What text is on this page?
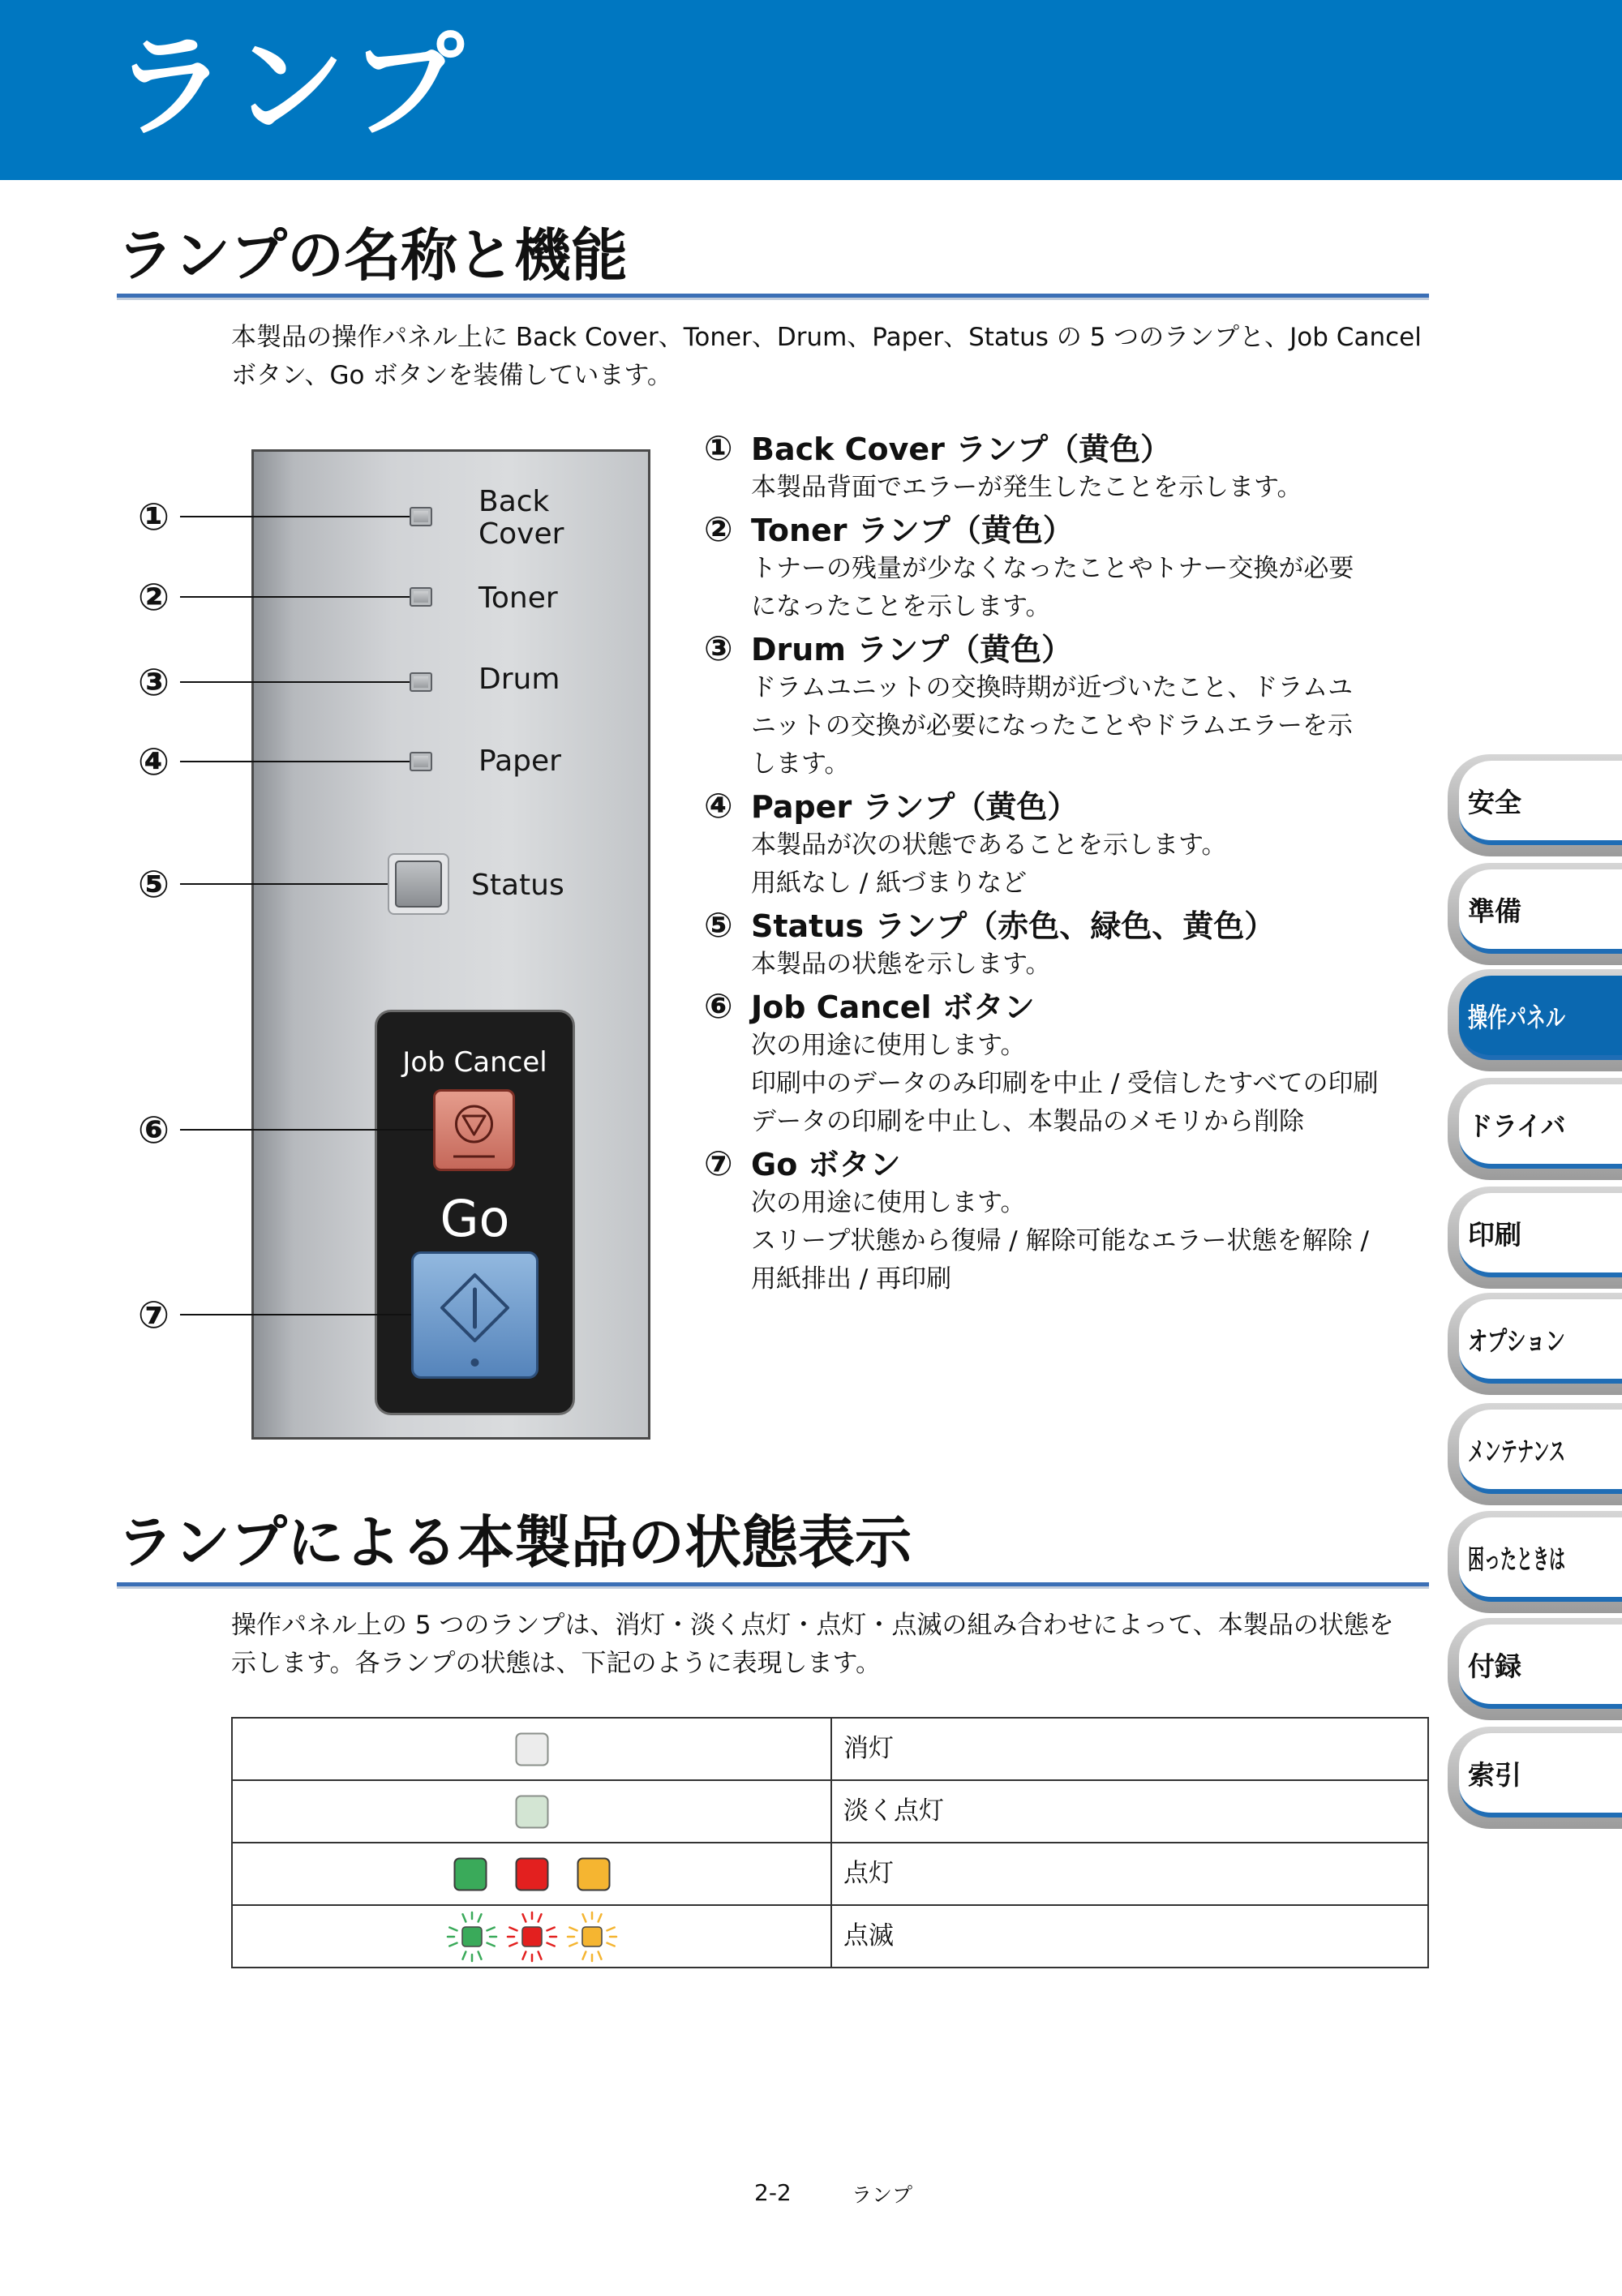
ランプ
ランプの名称と機能
本製品の操作パネル上に Back Cover、Toner、Drum、Paper、Status の 5 つのランプと、Job Cancel
ボタン、Go ボタンを装備しています。
Back Cover
Toner
Drum
Paper
Status
Job Cancel
Go
①
②
③
④
⑤
⑥
⑦
① Back Cover ランプ（黄色）
本製品背面でエラーが発生したことを示します。
② Toner ランプ（黄色）
トナーの残量が少なくなったことやトナー交換が必要
になったことを示します。
③ Drum ランプ（黄色）
ドラムユニットの交換時期が近づいたこと、ドラムユ
ニットの交換が必要になったことやドラムエラーを示
します。
④ Paper ランプ（黄色）
本製品が次の状態であることを示します。
用紙なし / 紙づまりなど
⑤ Status ランプ（赤色、緑色、黄色）
本製品の状態を示します。
⑥ Job Cancel ボタン
次の用途に使用します。
印刷中のデータのみ印刷を中止 / 受信したすべての印刷
データの印刷を中止し、本製品のメモリから削除
⑦ Go ボタン
次の用途に使用します。
スリープ状態から復帰 / 解除可能なエラー状態を解除 /
用紙排出 / 再印刷
ランプによる本製品の状態表示
操作パネル上の 5 つのランプは、消灯・淡く点灯・点灯・点滅の組み合わせによって、本製品の状態を
示します。各ランプの状態は、下記のように表現します。
	消灯

	淡く点灯

	点灯

	点滅
2-2	ランプ
安全
準備
操作パネル
ドライバ
印刷
オプション
メンテナンス
困ったときは
付録
索引
